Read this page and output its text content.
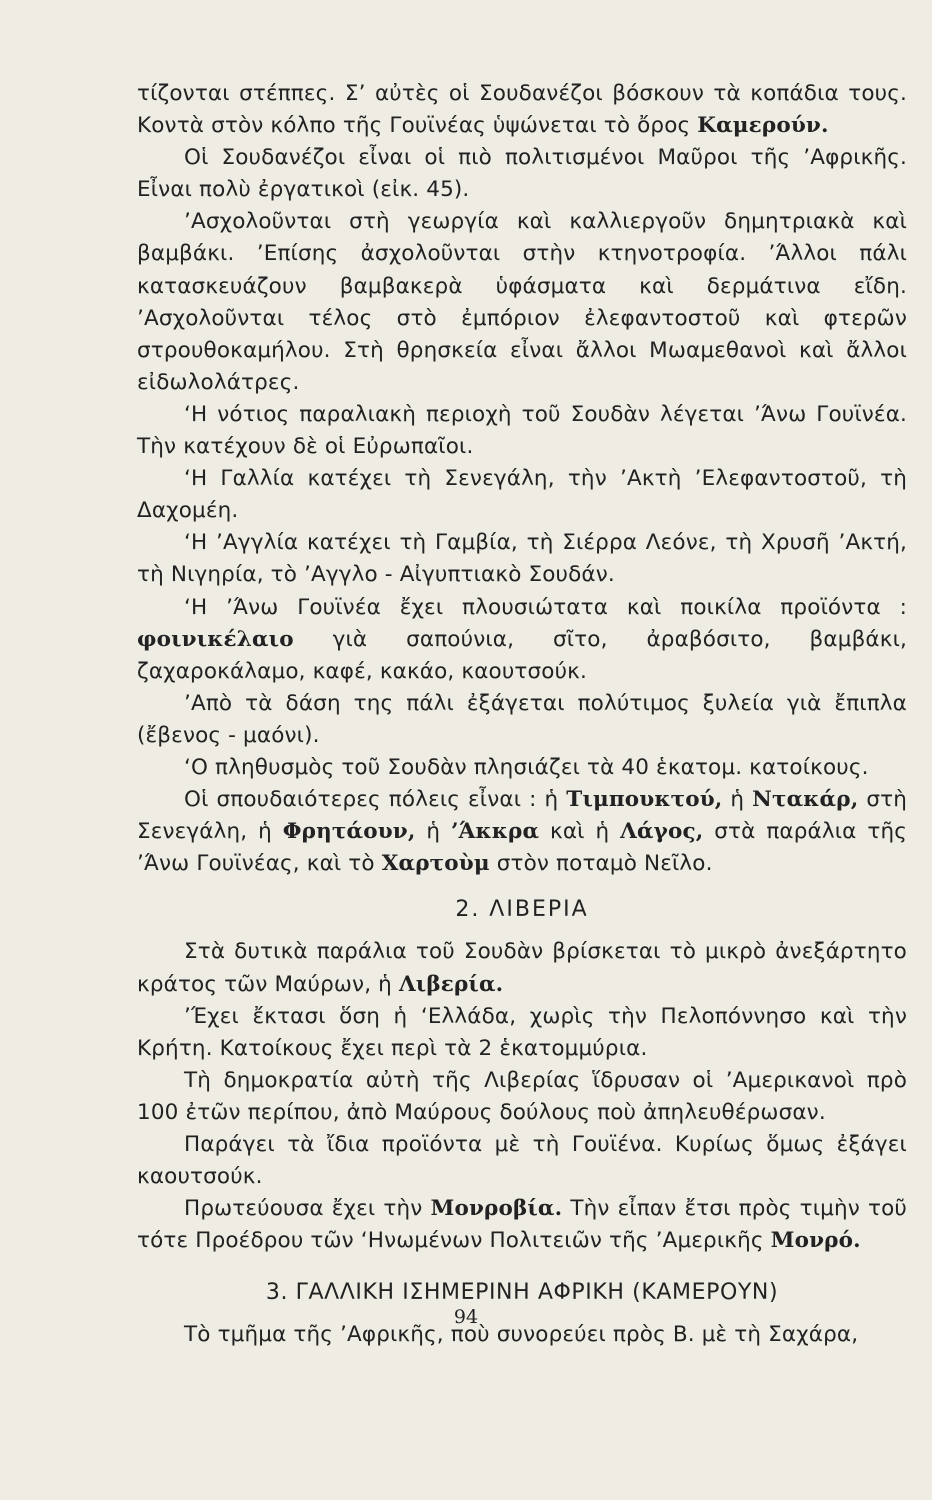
τίζονται στέππες. Σ’ αὐτὲς οἱ Σουδανέζοι βόσκουν τὰ κοπάδια τους. Κοντὰ στὸν κόλπο τῆς Γουϊνέας ὑψώνεται τὸ ὄρος Καμερούν.

Οἱ Σουδανέζοι εἶναι οἱ πιὸ πολιτισμένοι Μαῦροι τῆς ’Αφρικῆς. Εἶναι πολὺ ἐργατικοὶ (εἰκ. 45).

’Ασχολοῦνται στὴ γεωργία καὶ καλλιεργοῦν δημητριακὰ καὶ βαμβάκι. ’Επίσης ἀσχολοῦνται στὴν κτηνοτροφία. ’Άλλοι πάλι κατασκευάζουν βαμβακερὰ ὑφάσματα καὶ δερμάτινα εἴδη. ’Ασχολοῦνται τέλος στὸ ἐμπόριον ἐλεφαντοστοῦ καὶ φτερῶν στρουθοκαμήλου. Στὴ θρησκεία εἶναι ἄλλοι Μωαμεθανοὶ καὶ ἄλλοι εἰδωλολάτρες.

‘Η νότιος παραλιακὴ περιοχὴ τοῦ Σουδὰν λέγεται ’Άνω Γουϊνέα. Τὴν κατέχουν δὲ οἱ Εὐρωπαῖοι.

‘Η Γαλλία κατέχει τὴ Σενεγάλη, τὴν ’Ακτὴ ’Ελεφαντοστοῦ, τὴ Δαχομέη.

‘Η ’Αγγλία κατέχει τὴ Γαμβία, τὴ Σιέρρα Λεόνε, τὴ Χρυσῆ ’Ακτή, τὴ Νιγηρία, τὸ ’Αγγλο - Αἰγυπτιακὸ Σουδάν.

‘Η ’Άνω Γουϊνέα ἔχει πλουσιώτατα καὶ ποικίλα προϊόντα : φοινικέλαιο γιὰ σαπούνια, σῖτο, ἀραβόσιτο, βαμβάκι, ζαχαροκάλαμο, καφέ, κακάο, καουτσούκ.

’Απὸ τὰ δάση της πάλι ἐξάγεται πολύτιμος ξυλεία γιὰ ἔπιπλα (ἔβενος - μαόνι).

‘Ο πληθυσμὸς τοῦ Σουδὰν πλησιάζει τὰ 40 ἑκατομ. κατοίκους.

Οἱ σπουδαιότερες πόλεις εἶναι : ἡ Τιμπουκτού, ἡ Ντακάρ, στὴ Σενεγάλη, ἡ Φρητάουν, ἡ ’Άκκρα καὶ ἡ Λάγος, στὰ παράλια τῆς ’Άνω Γουϊνέας, καὶ τὸ Χαρτοὺμ στὸν ποταμὸ Νεῖλο.

2. ΛΙΒΕΡΙΑ

Στὰ δυτικὰ παράλια τοῦ Σουδὰν βρίσκεται τὸ μικρὸ ἀνεξάρτητο κράτος τῶν Μαύρων, ἡ Λιβερία.

’Έχει ἔκτασι ὅση ἡ ‘Ελλάδα, χωρὶς τὴν Πελοπόννησο καὶ τὴν Κρήτη. Κατοίκους ἔχει περὶ τὰ 2 ἑκατομμύρια.

Τὴ δημοκρατία αὐτὴ τῆς Λιβερίας ἵδρυσαν οἱ ’Αμερικανοὶ πρὸ 100 ἐτῶν περίπου, ἀπὸ Μαύρους δούλους ποὺ ἀπηλευθέρωσαν.

Παράγει τὰ ἴδια προϊόντα μὲ τὴ Γουϊένα. Κυρίως ὅμως ἐξάγει καουτσούκ.

Πρωτεύουσα ἔχει τὴν Μονροβία. Τὴν εἶπαν ἔτσι πρὸς τιμὴν τοῦ τότε Προέδρου τῶν ‘Ηνωμένων Πολιτειῶν τῆς ’Αμερικῆς Μονρό.

3. ΓΑΛΛΙΚΗ ΙΣΗΜΕΡΙΝΗ ΑΦΡΙΚΗ (ΚΑΜΕΡΟΥΝ)

Τὸ τμῆμα τῆς ’Αφρικῆς, ποὺ συνορεύει πρὸς Β. μὲ τὴ Σαχάρα,

94
